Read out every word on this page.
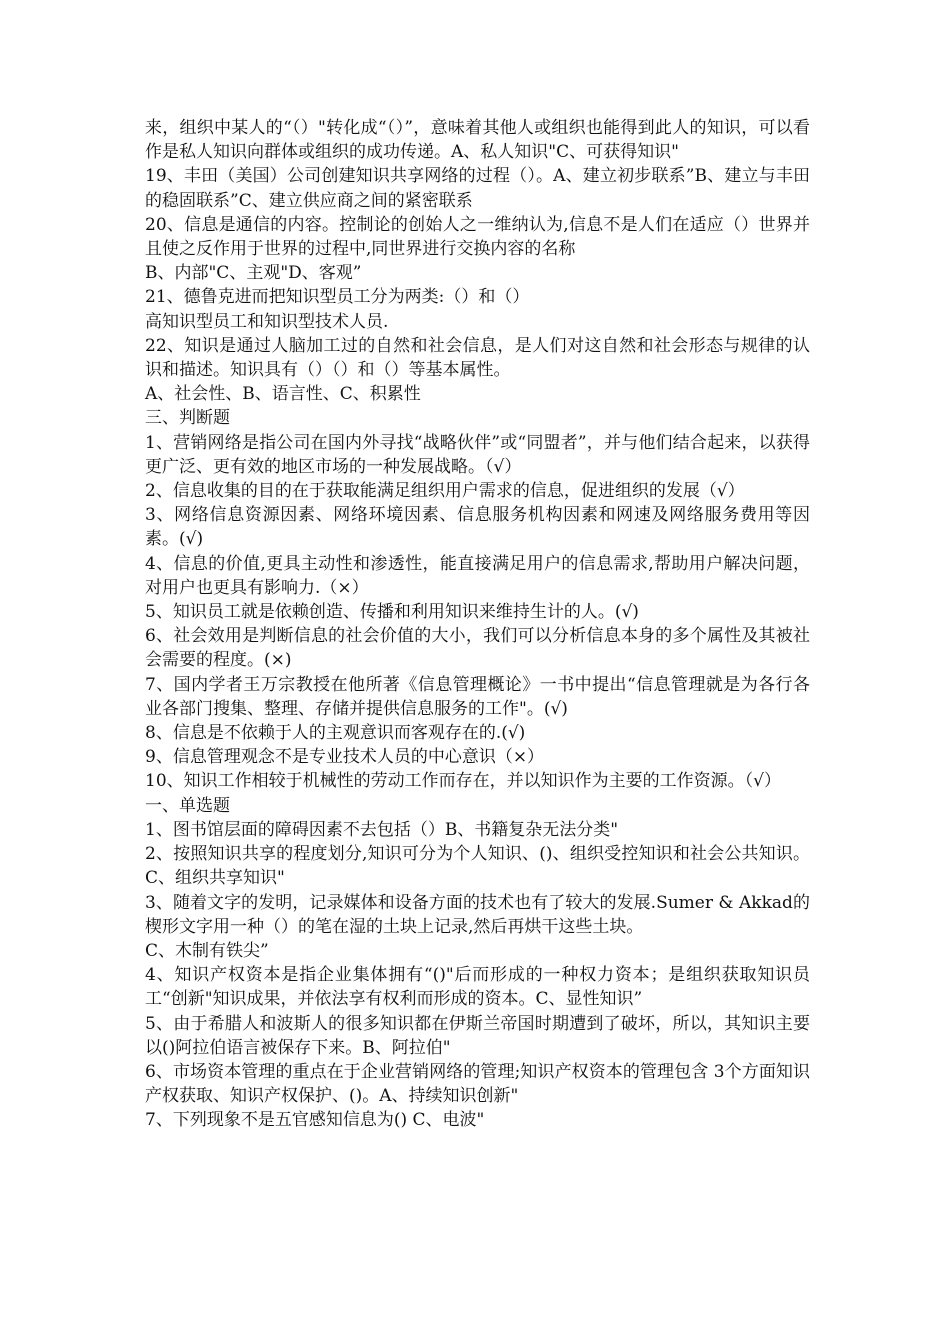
来，组织中某人的“（）"转化成“（）”，意味着其他人或组织也能得到此人的知识，可以看作是私人知识向群体或组织的成功传递。A、私人知识"C、可获得知识"

19、丰田（美国）公司创建知识共享网络的过程（）。A、建立初步联系”B、建立与丰田的稳固联系”C、建立供应商之间的紧密联系

20、信息是通信的内容。控制论的创始人之一维纳认为,信息不是人们在适应（）世界并且使之反作用于世界的过程中,同世界进行交换内容的名称

B、内部"C、主观"D、客观”

21、德鲁克进而把知识型员工分为两类:（）和（）

高知识型员工和知识型技术人员.

22、知识是通过人脑加工过的自然和社会信息，是人们对这自然和社会形态与规律的认识和描述。知识具有（）（）和（）等基本属性。

A、社会性、B、语言性、C、积累性

三、判断题

1、营销网络是指公司在国内外寻找“战略伙伴”或“同盟者”，并与他们结合起来，以获得更广泛、更有效的地区市场的一种发展战略。（√）

2、信息收集的目的在于获取能满足组织用户需求的信息，促进组织的发展（√）

3、网络信息资源因素、网络环境因素、信息服务机构因素和网速及网络服务费用等因素。(√)

4、信息的价值,更具主动性和渗透性，能直接满足用户的信息需求,帮助用户解决问题，对用户也更具有影响力.（×）

5、知识员工就是依赖创造、传播和利用知识来维持生计的人。(√)

6、社会效用是判断信息的社会价值的大小，我们可以分析信息本身的多个属性及其被社会需要的程度。(×)

7、国内学者王万宗教授在他所著《信息管理概论》一书中提出“信息管理就是为各行各业各部门搜集、整理、存储并提供信息服务的工作"。(√)

8、信息是不依赖于人的主观意识而客观存在的.(√)

9、信息管理观念不是专业技术人员的中心意识（×）

10、知识工作相较于机械性的劳动工作而存在，并以知识作为主要的工作资源。（√）

一、单选题

1、图书馆层面的障碍因素不去包括（）B、书籍复杂无法分类"

2、按照知识共享的程度划分,知识可分为个人知识、()、组织受控知识和社会公共知识。C、组织共享知识"

3、随着文字的发明，记录媒体和设备方面的技术也有了较大的发展.Sumer & Akkad的楔形文字用一种（）的笔在湿的土块上记录,然后再烘干这些土块。

C、木制有铁尖”

4、知识产权资本是指企业集体拥有“()"后而形成的一种权力资本；是组织获取知识员工“创新"知识成果，并依法享有权利而形成的资本。C、显性知识”

5、由于希腊人和波斯人的很多知识都在伊斯兰帝国时期遭到了破坏，所以，其知识主要以()阿拉伯语言被保存下来。B、阿拉伯"

6、市场资本管理的重点在于企业营销网络的管理;知识产权资本的管理包含 3个方面知识产权获取、知识产权保护、()。A、持续知识创新"

7、下列现象不是五官感知信息为() C、电波"
